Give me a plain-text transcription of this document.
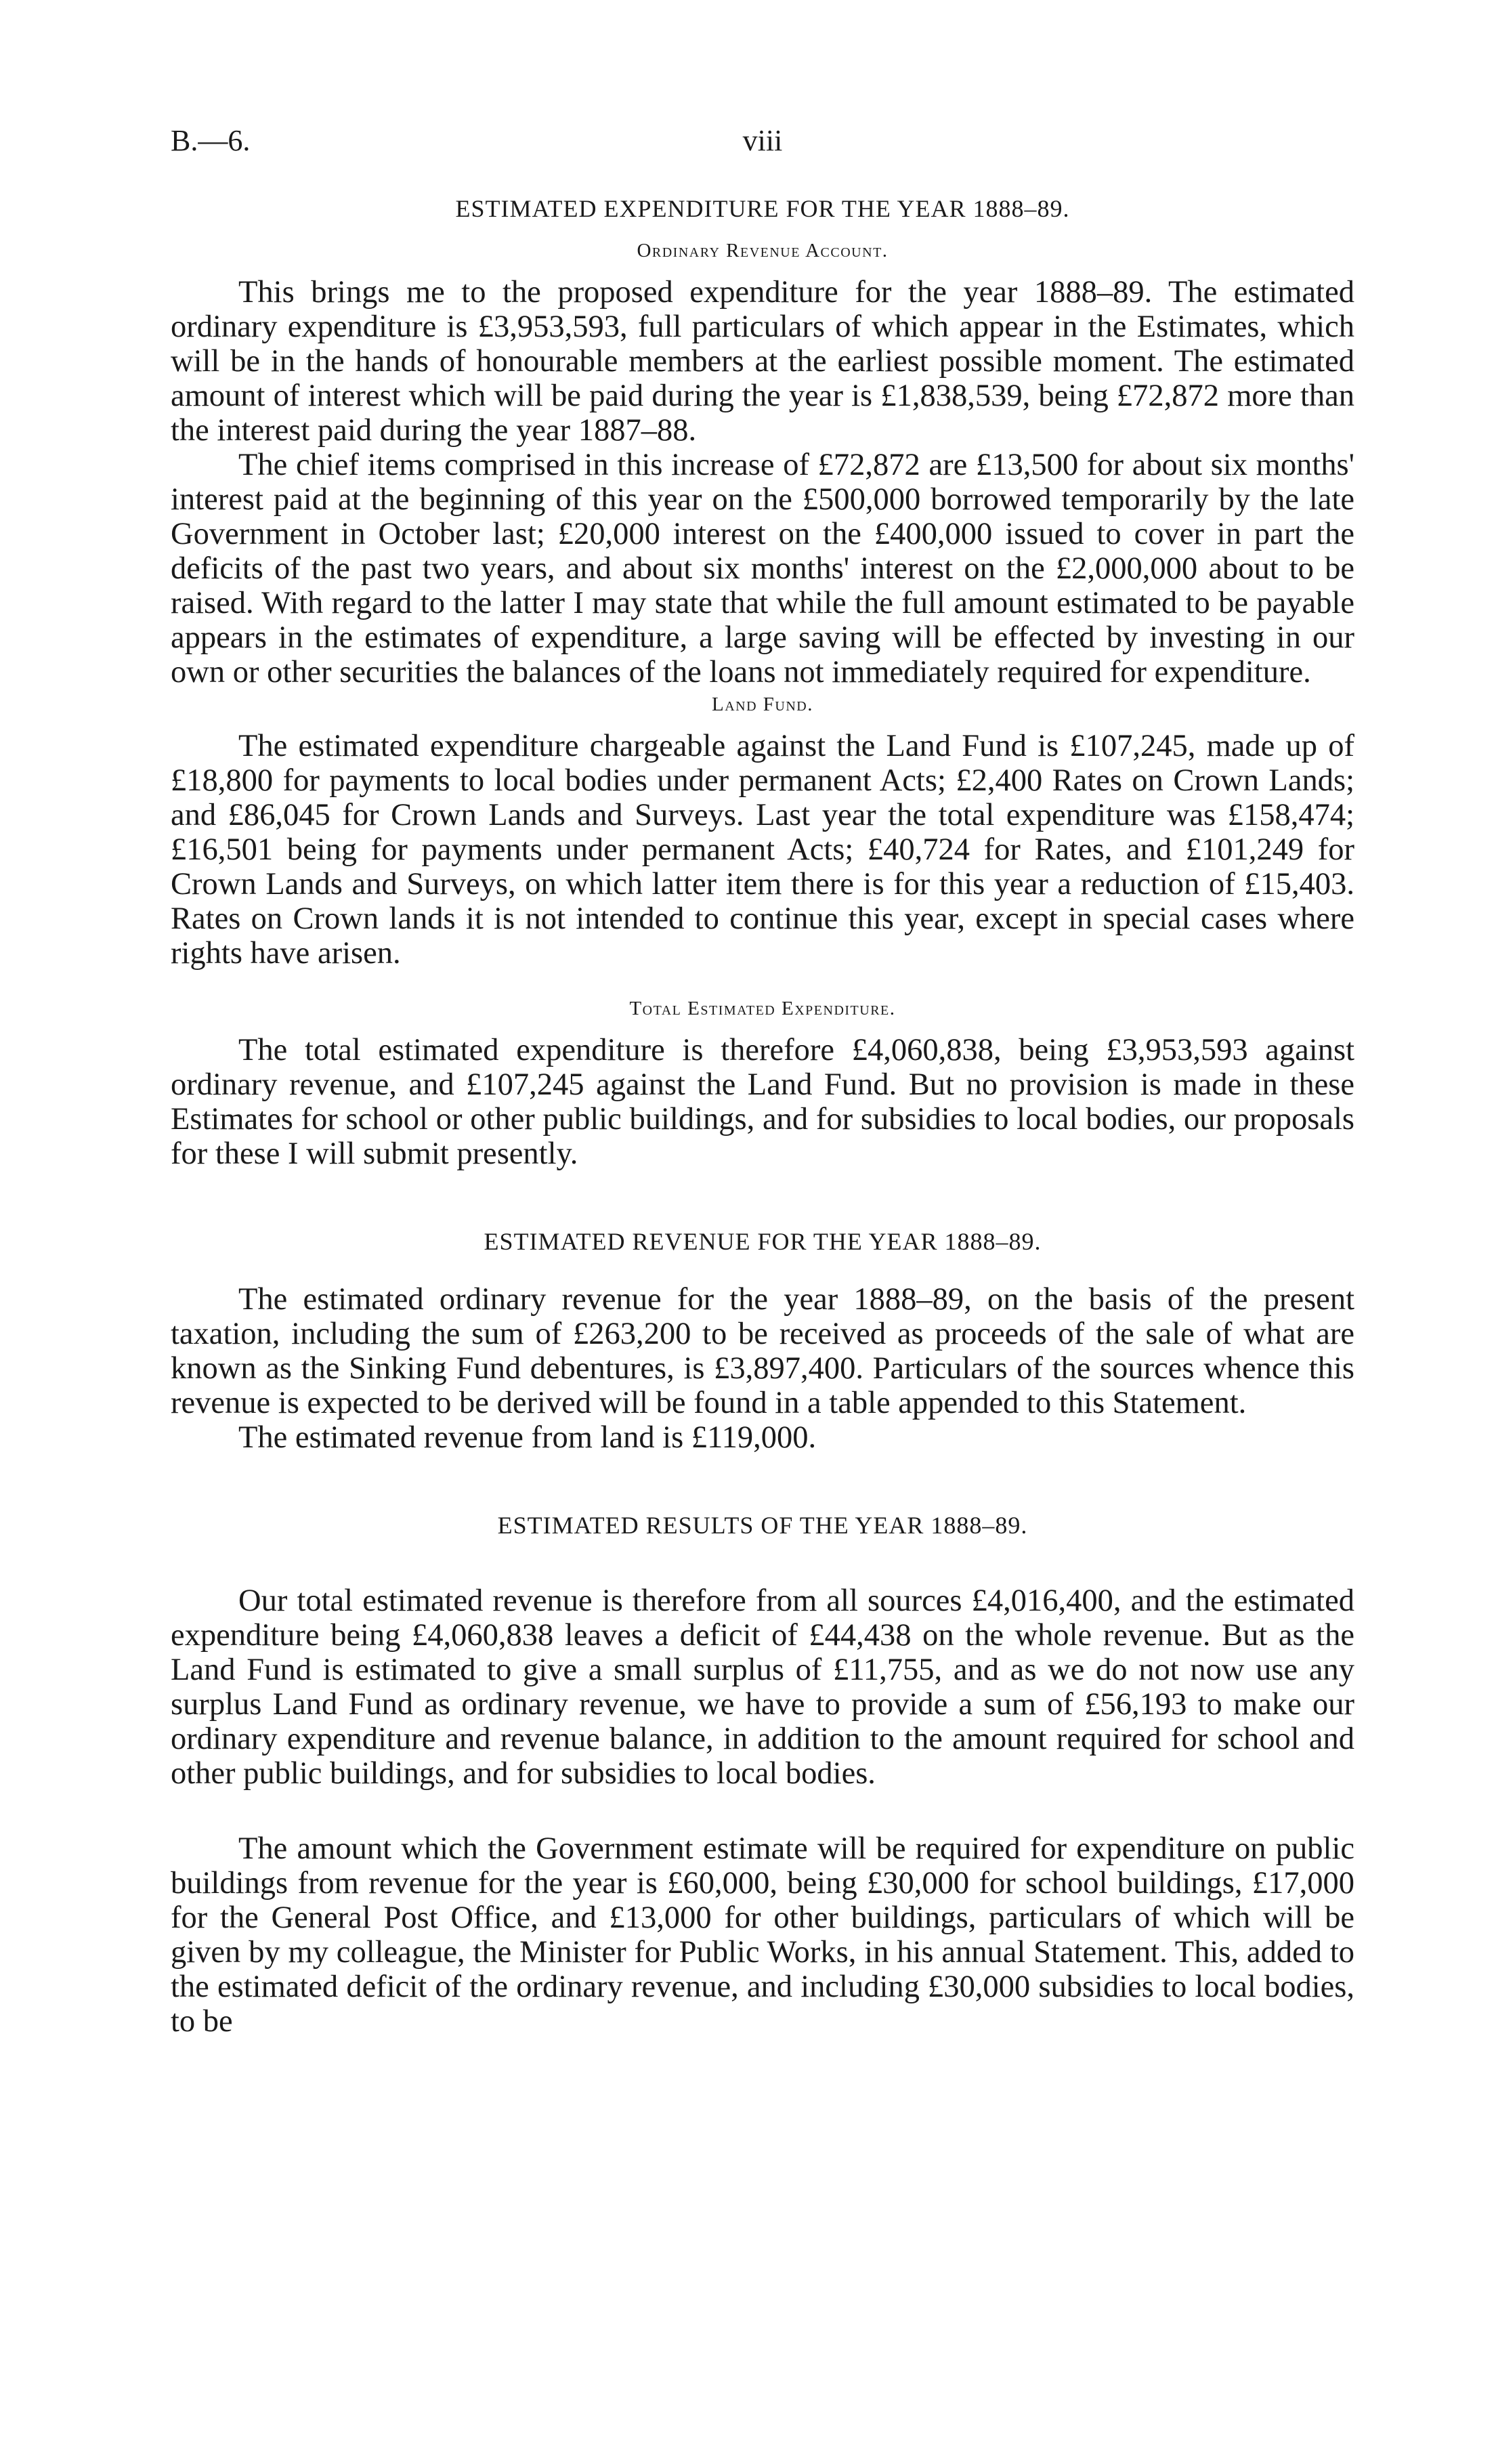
B.—6.	viii
ESTIMATED EXPENDITURE FOR THE YEAR 1888–89.
Ordinary Revenue Account.

This brings me to the proposed expenditure for the year 1888–89. The estimated ordinary expenditure is £3,953,593, full particulars of which appear in the Estimates, which will be in the hands of honourable members at the earliest possible moment. The estimated amount of interest which will be paid during the year is £1,838,539, being £72,872 more than the interest paid during the year 1887–88.

The chief items comprised in this increase of £72,872 are £13,500 for about six months' interest paid at the beginning of this year on the £500,000 borrowed temporarily by the late Government in October last; £20,000 interest on the £400,000 issued to cover in part the deficits of the past two years, and about six months' interest on the £2,000,000 about to be raised. With regard to the latter I may state that while the full amount estimated to be payable appears in the estimates of expenditure, a large saving will be effected by investing in our own or other securities the balances of the loans not immediately required for expenditure.

Land Fund.

The estimated expenditure chargeable against the Land Fund is £107,245, made up of £18,800 for payments to local bodies under permanent Acts; £2,400 Rates on Crown Lands; and £86,045 for Crown Lands and Surveys. Last year the total expenditure was £158,474; £16,501 being for payments under permanent Acts; £40,724 for Rates, and £101,249 for Crown Lands and Surveys, on which latter item there is for this year a reduction of £15,403. Rates on Crown lands it is not intended to continue this year, except in special cases where rights have arisen.

Total Estimated Expenditure.

The total estimated expenditure is therefore £4,060,838, being £3,953,593 against ordinary revenue, and £107,245 against the Land Fund. But no provision is made in these Estimates for school or other public buildings, and for subsidies to local bodies, our proposals for these I will submit presently.

ESTIMATED REVENUE FOR THE YEAR 1888–89.

The estimated ordinary revenue for the year 1888–89, on the basis of the present taxation, including the sum of £263,200 to be received as proceeds of the sale of what are known as the Sinking Fund debentures, is £3,897,400. Particulars of the sources whence this revenue is expected to be derived will be found in a table appended to this Statement.

The estimated revenue from land is £119,000.

ESTIMATED RESULTS OF THE YEAR 1888–89.

Our total estimated revenue is therefore from all sources £4,016,400, and the estimated expenditure being £4,060,838 leaves a deficit of £44,438 on the whole revenue. But as the Land Fund is estimated to give a small surplus of £11,755, and as we do not now use any surplus Land Fund as ordinary revenue, we have to provide a sum of £56,193 to make our ordinary expenditure and revenue balance, in addition to the amount required for school and other public buildings, and for subsidies to local bodies.

The amount which the Government estimate will be required for expenditure on public buildings from revenue for the year is £60,000, being £30,000 for school buildings, £17,000 for the General Post Office, and £13,000 for other buildings, particulars of which will be given by my colleague, the Minister for Public Works, in his annual Statement. This, added to the estimated deficit of the ordinary revenue, and including £30,000 subsidies to local bodies, to be
